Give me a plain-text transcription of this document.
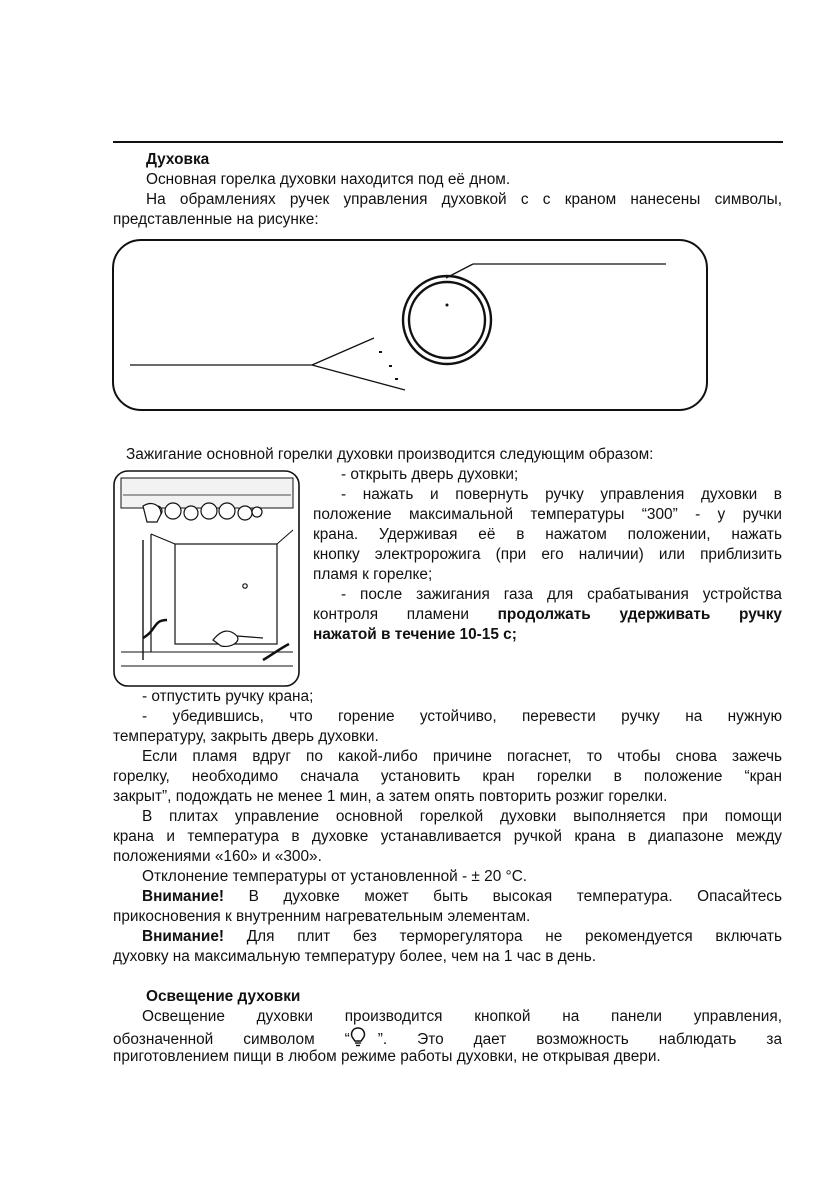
Духовка

Основная горелка духовки находится под её дном.

На обрамлениях ручек управления духовкой с с краном нанесены символы,

представленные на рисунке:

Зажигание основной горелки духовки производится следующим образом:

- открыть дверь духовки;

- нажать и повернуть ручку управления духовки в

положение максимальной температуры “300” - у ручки

крана. Удерживая её в нажатом положении, нажать

кнопку электророжига (при его наличии) или приблизить

пламя к горелке;

- после зажигания газа для срабатывания устройства

контроля пламени продолжать удерживать ручку

нажатой в течение 10-15 с;

- отпустить ручку крана;

- убедившись, что горение устойчиво, перевести ручку на нужную

температуру, закрыть дверь духовки.

Если пламя вдруг по какой-либо причине погаснет, то чтобы снова зажечь

горелку, необходимо сначала установить кран горелки в положение “кран

закрыт”, подождать не менее 1 мин, а затем опять повторить розжиг горелки.

В плитах управление основной горелкой духовки выполняется при помощи

крана и температура в духовке устанавливается ручкой крана в диапазоне между

положениями «160» и «300».

Отклонение температуры от установленной - ± 20 °С.

Внимание! В духовке может быть высокая температура. Опасайтесь

прикосновения к внутренним нагревательным элементам.

Внимание! Для плит без терморегулятора не рекомендуется включать

духовку на максимальную температуру более, чем на 1 час в день.

Освещение духовки

Освещение духовки производится кнопкой на панели управления,

обозначенной символом “ ”. Это дает возможность наблюдать за

приготовлением пищи в любом режиме работы духовки, не открывая двери.
